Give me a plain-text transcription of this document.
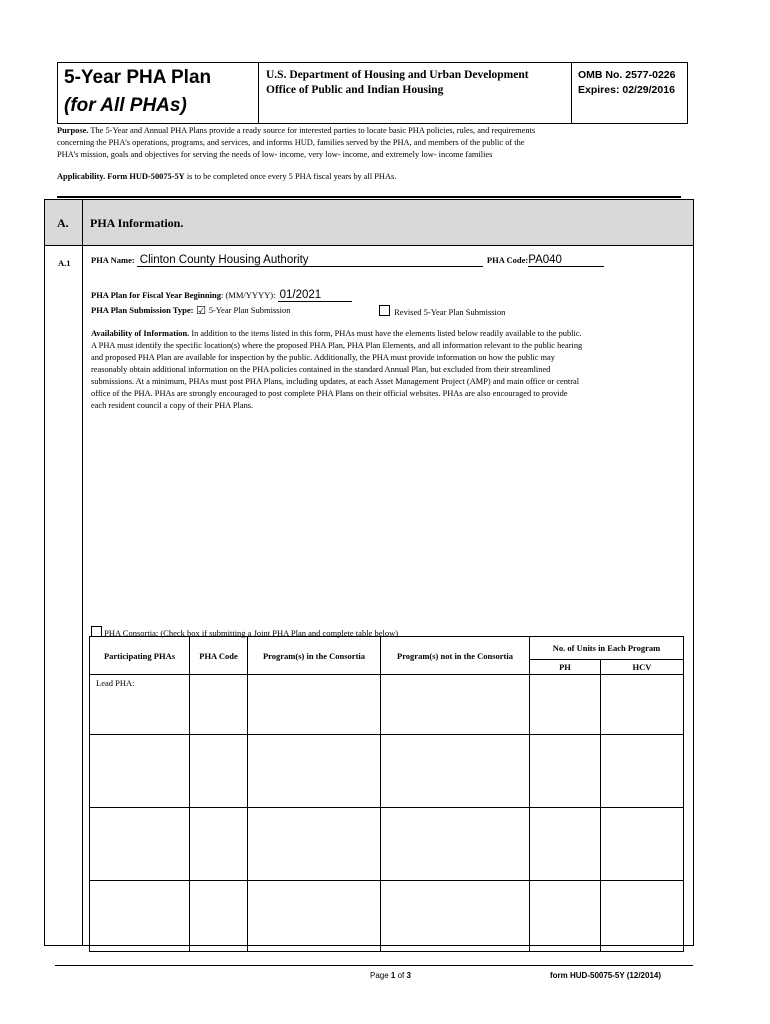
5-Year PHA Plan
(for All PHAs)
U.S. Department of Housing and Urban Development
Office of Public and Indian Housing
OMB No. 2577-0226
Expires: 02/29/2016
Purpose. The 5-Year and Annual PHA Plans provide a ready source for interested parties to locate basic PHA policies, rules, and requirements
concerning the PHA’s operations, programs, and services, and informs HUD, families served by the PHA, and members of the public of the
PHA’s mission, goals and objectives for serving the needs of low- income, very low- income, and extremely low- income families
Applicability. Form HUD-50075-5Y is to be completed once every 5 PHA fiscal years by all PHAs.
A. PHA Information.
A.1 PHA Name: Clinton County Housing Authority	PHA Code:PA040
PHA Plan for Fiscal Year Beginning: (MM/YYYY): 01/2021
PHA Plan Submission Type: ☑ 5-Year Plan Submission	Revised 5-Year Plan Submission
Availability of Information. In addition to the items listed in this form, PHAs must have the elements listed below readily available to the public.
A PHA must identify the specific location(s) where the proposed PHA Plan, PHA Plan Elements, and all information relevant to the public hearing
and proposed PHA Plan are available for inspection by the public. Additionally, the PHA must provide information on how the public may
reasonably obtain additional information on the PHA policies contained in the standard Annual Plan, but excluded from their streamlined
submissions. At a minimum, PHAs must post PHA Plans, including updates, at each Asset Management Project (AMP) and main office or central
office of the PHA. PHAs are strongly encouraged to post complete PHA Plans on their official websites. PHAs are also encouraged to provide
each resident council a copy of their PHA Plans.
PHA Consortia: (Check box if submitting a Joint PHA Plan and complete table below)
Participating PHAs	PHA Code	Program(s) in the Consortia	Program(s) not in the Consortia	No. of Units in Each Program	
				PH	HCV
Lead PHA:					

Page 1 of 3	form HUD-50075-5Y (12/2014)
